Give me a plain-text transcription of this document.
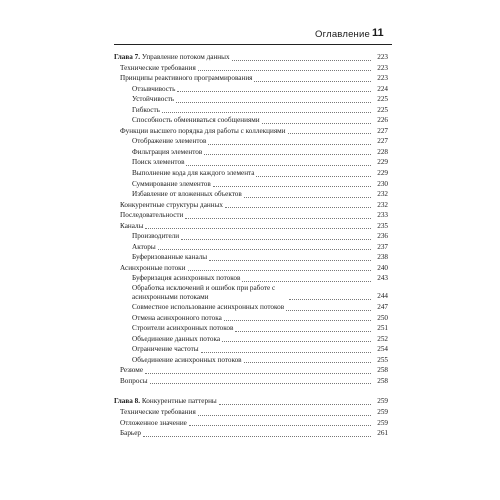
Оглавление 11
Глава 7. Управление потоком данных	223
Технические требования	223
Принципы реактивного программирования	223
Отзывчивость	224
Устойчивость	225
Гибкость	225
Способность обмениваться сообщениями	226
Функции высшего порядка для работы с коллекциями	227
Отображение элементов	227
Фильтрация элементов	228
Поиск элементов	229
Выполнение кода для каждого элемента	229
Суммирование элементов	230
Избавление от вложенных объектов	232
Конкурентные структуры данных	232
Последовательности	233
Каналы	235
Производители	236
Акторы	237
Буферизованные каналы	238
Асинхронные потоки	240
Буферизация асинхронных потоков	243
Обработка исключений и ошибок при работе с асинхронными потоками	244
Совместное использование асинхронных потоков	247
Отмена асинхронного потока	250
Строители асинхронных потоков	251
Объединение данных потока	252
Ограничение частоты	254
Объединение асинхронных потоков	255
Резюме	258
Вопросы	258
Глава 8. Конкурентные паттерны	259
Технические требования	259
Отложенное значение	259
Барьер	261
